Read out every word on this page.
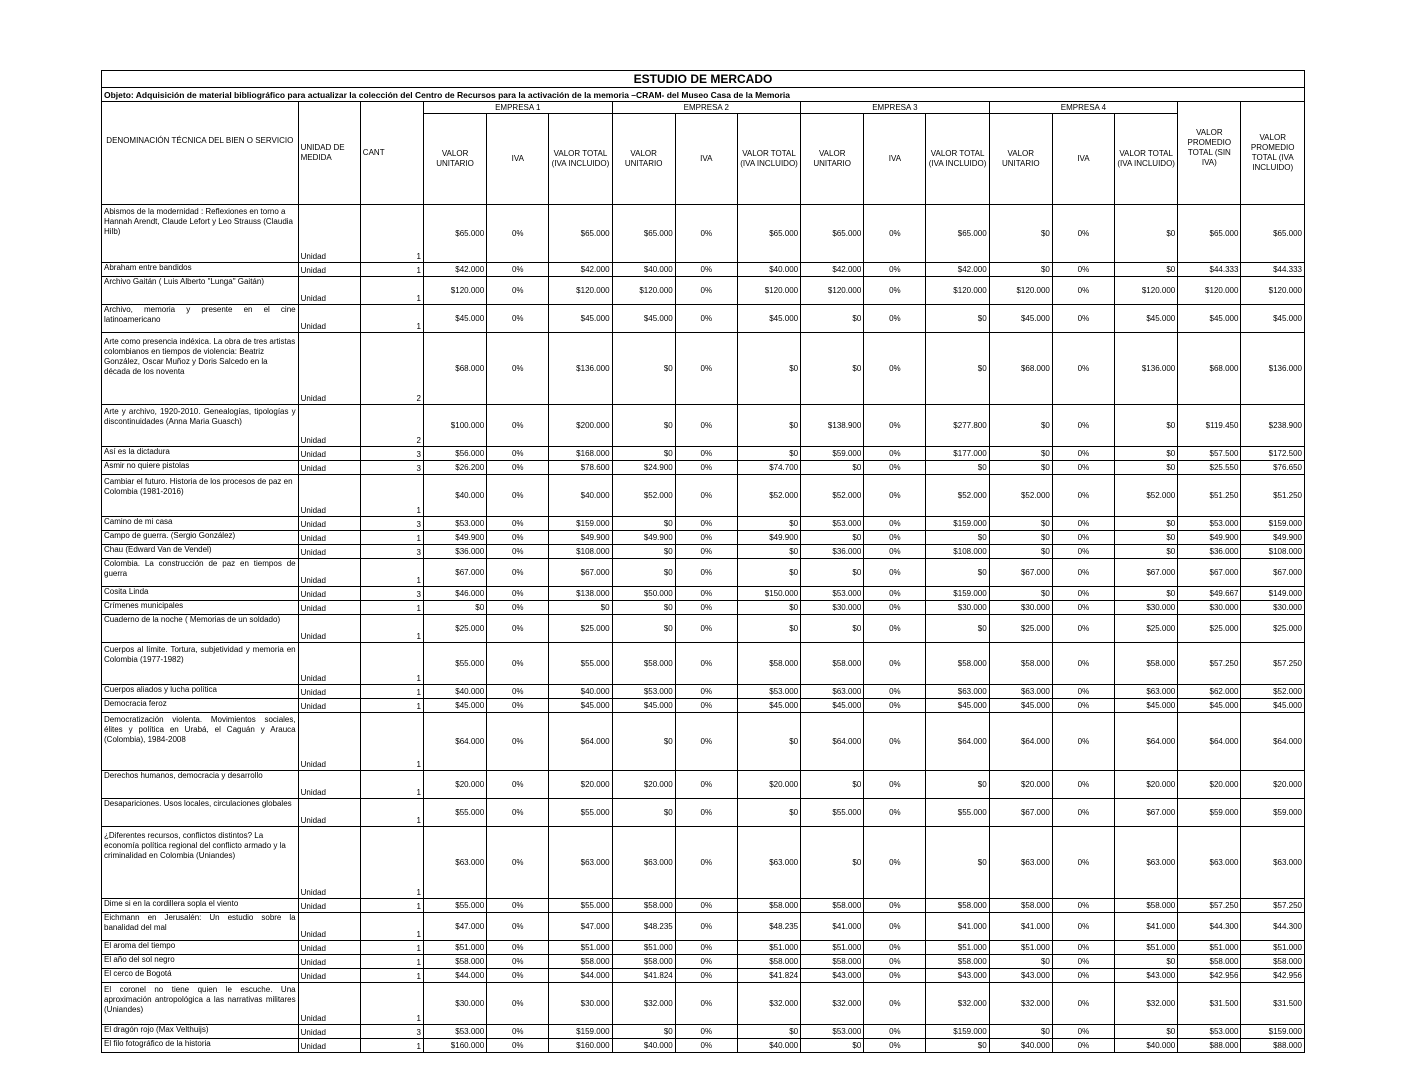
ESTUDIO DE MERCADO																
Objeto: Adquisición de material bibliográfico para actualizar la colección del Centro de Recursos para la activación de la memoria –CRAM- del Museo Casa de la Memoria																
DENOMINACIÓN TÉCNICA DEL BIEN O SERVICIO	UNIDAD DE MEDIDA	CANT	EMPRESA 1			EMPRESA 2			EMPRESA 3			EMPRESA 4			VALOR PROMEDIO TOTAL (SIN IVA)	VALOR PROMEDIO TOTAL (IVA INCLUIDO)
			VALOR UNITARIO	IVA	VALOR TOTAL (IVA INCLUIDO)	VALOR UNITARIO	IVA	VALOR TOTAL (IVA INCLUIDO)	VALOR UNITARIO	IVA	VALOR TOTAL (IVA INCLUIDO)	VALOR UNITARIO	IVA	VALOR TOTAL (IVA INCLUIDO)		
Abismos de la modernidad : Reflexiones en torno a Hannah Arendt, Claude Lefort y Leo Strauss (Claudia Hilb)	Unidad	1	$65.000	0%	$65.000	$65.000	0%	$65.000	$65.000	0%	$65.000	$0	0%	$0	$65.000	$65.000
Abraham entre bandidos	Unidad	1	$42.000	0%	$42.000	$40.000	0%	$40.000	$42.000	0%	$42.000	$0	0%	$0	$44.333	$44.333
Archivo Gaitán ( Luis Alberto "Lunga" Gaitán)	Unidad	1	$120.000	0%	$120.000	$120.000	0%	$120.000	$120.000	0%	$120.000	$120.000	0%	$120.000	$120.000	$120.000
Archivo, memoria y presente en el cine latinoamericano	Unidad	1	$45.000	0%	$45.000	$45.000	0%	$45.000	$0	0%	$0	$45.000	0%	$45.000	$45.000	$45.000
Arte como presencia indéxica. La obra de tres artistas colombianos en tiempos de violencia: Beatriz González, Oscar Muñoz y Doris Salcedo en la década de los noventa	Unidad	2	$68.000	0%	$136.000	$0	0%	$0	$0	0%	$0	$68.000	0%	$136.000	$68.000	$136.000
Arte y archivo, 1920-2010. Genealogías, tipologías y discontinuidades (Anna Maria Guasch)	Unidad	2	$100.000	0%	$200.000	$0	0%	$0	$138.900	0%	$277.800	$0	0%	$0	$119.450	$238.900
Así es la dictadura	Unidad	3	$56.000	0%	$168.000	$0	0%	$0	$59.000	0%	$177.000	$0	0%	$0	$57.500	$172.500
Asmir no quiere pistolas	Unidad	3	$26.200	0%	$78.600	$24.900	0%	$74.700	$0	0%	$0	$0	0%	$0	$25.550	$76.650
Cambiar el futuro. Historia de los procesos de paz en Colombia (1981-2016)	Unidad	1	$40.000	0%	$40.000	$52.000	0%	$52.000	$52.000	0%	$52.000	$52.000	0%	$52.000	$51.250	$51.250
Camino de mi casa	Unidad	3	$53.000	0%	$159.000	$0	0%	$0	$53.000	0%	$159.000	$0	0%	$0	$53.000	$159.000
Campo de guerra. (Sergio González)	Unidad	1	$49.900	0%	$49.900	$49.900	0%	$49.900	$0	0%	$0	$0	0%	$0	$49.900	$49.900
Chau (Edward Van de Vendel)	Unidad	3	$36.000	0%	$108.000	$0	0%	$0	$36.000	0%	$108.000	$0	0%	$0	$36.000	$108.000
Colombia. La construcción de paz en tiempos de guerra	Unidad	1	$67.000	0%	$67.000	$0	0%	$0	$0	0%	$0	$67.000	0%	$67.000	$67.000	$67.000
Cosita Linda	Unidad	3	$46.000	0%	$138.000	$50.000	0%	$150.000	$53.000	0%	$159.000	$0	0%	$0	$49.667	$149.000
Crímenes municipales	Unidad	1	$0	0%	$0	$0	0%	$0	$30.000	0%	$30.000	$30.000	0%	$30.000	$30.000	$30.000
Cuaderno de la noche ( Memorias de un soldado)	Unidad	1	$25.000	0%	$25.000	$0	0%	$0	$0	0%	$0	$25.000	0%	$25.000	$25.000	$25.000
Cuerpos al límite. Tortura, subjetividad y memoria en Colombia (1977-1982)	Unidad	1	$55.000	0%	$55.000	$58.000	0%	$58.000	$58.000	0%	$58.000	$58.000	0%	$58.000	$57.250	$57.250
Cuerpos aliados y lucha política	Unidad	1	$40.000	0%	$40.000	$53.000	0%	$53.000	$63.000	0%	$63.000	$63.000	0%	$63.000	$62.000	$52.000
Democracia feroz	Unidad	1	$45.000	0%	$45.000	$45.000	0%	$45.000	$45.000	0%	$45.000	$45.000	0%	$45.000	$45.000	$45.000
Democratización violenta. Movimientos sociales, élites y política en Urabá, el Caguán y Arauca (Colombia), 1984-2008	Unidad	1	$64.000	0%	$64.000	$0	0%	$0	$64.000	0%	$64.000	$64.000	0%	$64.000	$64.000	$64.000
Derechos humanos, democracia y desarrollo	Unidad	1	$20.000	0%	$20.000	$20.000	0%	$20.000	$0	0%	$0	$20.000	0%	$20.000	$20.000	$20.000
Desapariciones. Usos locales, circulaciones globales	Unidad	1	$55.000	0%	$55.000	$0	0%	$0	$55.000	0%	$55.000	$67.000	0%	$67.000	$59.000	$59.000
¿Diferentes recursos, conflictos distintos? La economía política regional del conflicto armado y la criminalidad en Colombia (Uniandes)	Unidad	1	$63.000	0%	$63.000	$63.000	0%	$63.000	$0	0%	$0	$63.000	0%	$63.000	$63.000	$63.000
Dime si en la cordillera sopla el viento	Unidad	1	$55.000	0%	$55.000	$58.000	0%	$58.000	$58.000	0%	$58.000	$58.000	0%	$58.000	$57.250	$57.250
Eichmann en Jerusalén: Un estudio sobre la banalidad del mal	Unidad	1	$47.000	0%	$47.000	$48.235	0%	$48.235	$41.000	0%	$41.000	$41.000	0%	$41.000	$44.300	$44.300
El aroma del tiempo	Unidad	1	$51.000	0%	$51.000	$51.000	0%	$51.000	$51.000	0%	$51.000	$51.000	0%	$51.000	$51.000	$51.000
El año del sol negro	Unidad	1	$58.000	0%	$58.000	$58.000	0%	$58.000	$58.000	0%	$58.000	$0	0%	$0	$58.000	$58.000
El cerco de Bogotá	Unidad	1	$44.000	0%	$44.000	$41.824	0%	$41.824	$43.000	0%	$43.000	$43.000	0%	$43.000	$42.956	$42.956
El coronel no tiene quien le escuche. Una aproximación antropológica a las narrativas militares (Uniandes)	Unidad	1	$30.000	0%	$30.000	$32.000	0%	$32.000	$32.000	0%	$32.000	$32.000	0%	$32.000	$31.500	$31.500
El dragón rojo (Max Velthuijs)	Unidad	3	$53.000	0%	$159.000	$0	0%	$0	$53.000	0%	$159.000	$0	0%	$0	$53.000	$159.000
El filo fotográfico de la historia	Unidad	1	$160.000	0%	$160.000	$40.000	0%	$40.000	$0	0%	$0	$40.000	0%	$40.000	$88.000	$88.000
